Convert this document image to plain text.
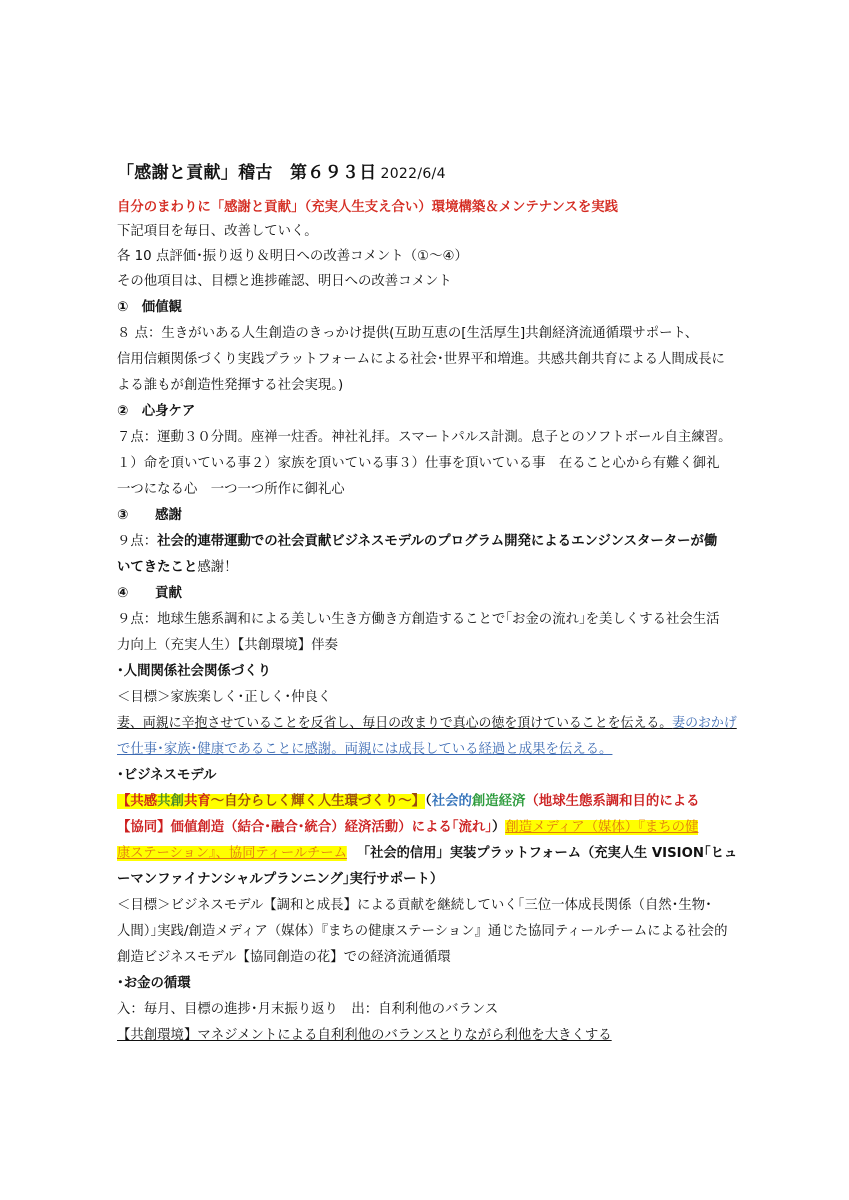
「感謝と貢献」稽古　第６９３日 2022/6/4
自分のまわりに「感謝と貢献」（充実人生支え合い）環境構築＆メンテナンスを実践
下記項目を毎日、改善していく。
各 10 点評価･振り返り＆明日への改善コメント（①～④）
その他項目は、目標と進捗確認、明日への改善コメント
①　価値観
８ 点：生きがいある人生創造のきっかけ提供(互助互恵の[生活厚生]共創経済流通循環サポート、
信用信頼関係づくり実践プラットフォームによる社会･世界平和増進。共感共創共育による人間成長に
よる誰もが創造性発揮する社会実現。)
②　心身ケア
７点：運動３０分間。座禅一炷香。神社礼拝。スマートパルス計測。息子とのソフトボール自主練習。
１）命を頂いている事２）家族を頂いている事３）仕事を頂いている事　在ること心から有難く御礼
一つになる心　一つ一つ所作に御礼心
③　　感謝
９点：社会的連帯運動での社会貢献ビジネスモデルのプログラム開発によるエンジンスターターが働
いてきたこと感謝！
④　　貢献
９点：地球生態系調和による美しい生き方働き方創造することで｢お金の流れ｣を美しくする社会生活
力向上（充実人生）【共創環境】伴奏
･人間関係社会関係づくり
＜目標＞家族楽しく･正しく･仲良く
妻、両親に辛抱させていることを反省し、毎日の改まりで真心の徳を頂けていることを伝える。妻のおかげ
で仕事･家族･健康であることに感謝。両親には成長している経過と成果を伝える。
･ビジネスモデル
【共感共創共育～自分らしく輝く人生環づくり～】（社会的創造経済（地球生態系調和目的による
【協同】価値創造（結合･融合･統合）経済活動）による｢流れ｣）創造メディア（媒体）『まちの健
康ステーション』、協同ティールチーム 「社会的信用」実装プラットフォーム（充実人生 VISION｢ヒュ
ーマンファイナンシャルプランニング｣実行サポート）
＜目標＞ビジネスモデル【調和と成長】による貢献を継続していく｢三位一体成長関係（自然･生物･
人間）｣実践/創造メディア（媒体）『まちの健康ステーション』通じた協同ティールチームによる社会的
創造ビジネスモデル【協同創造の花】での経済流通循環
･お金の循環
入：毎月、目標の進捗･月末振り返り　出：自利利他のバランス
【共創環境】マネジメントによる自利利他のバランスとりながら利他を大きくする
